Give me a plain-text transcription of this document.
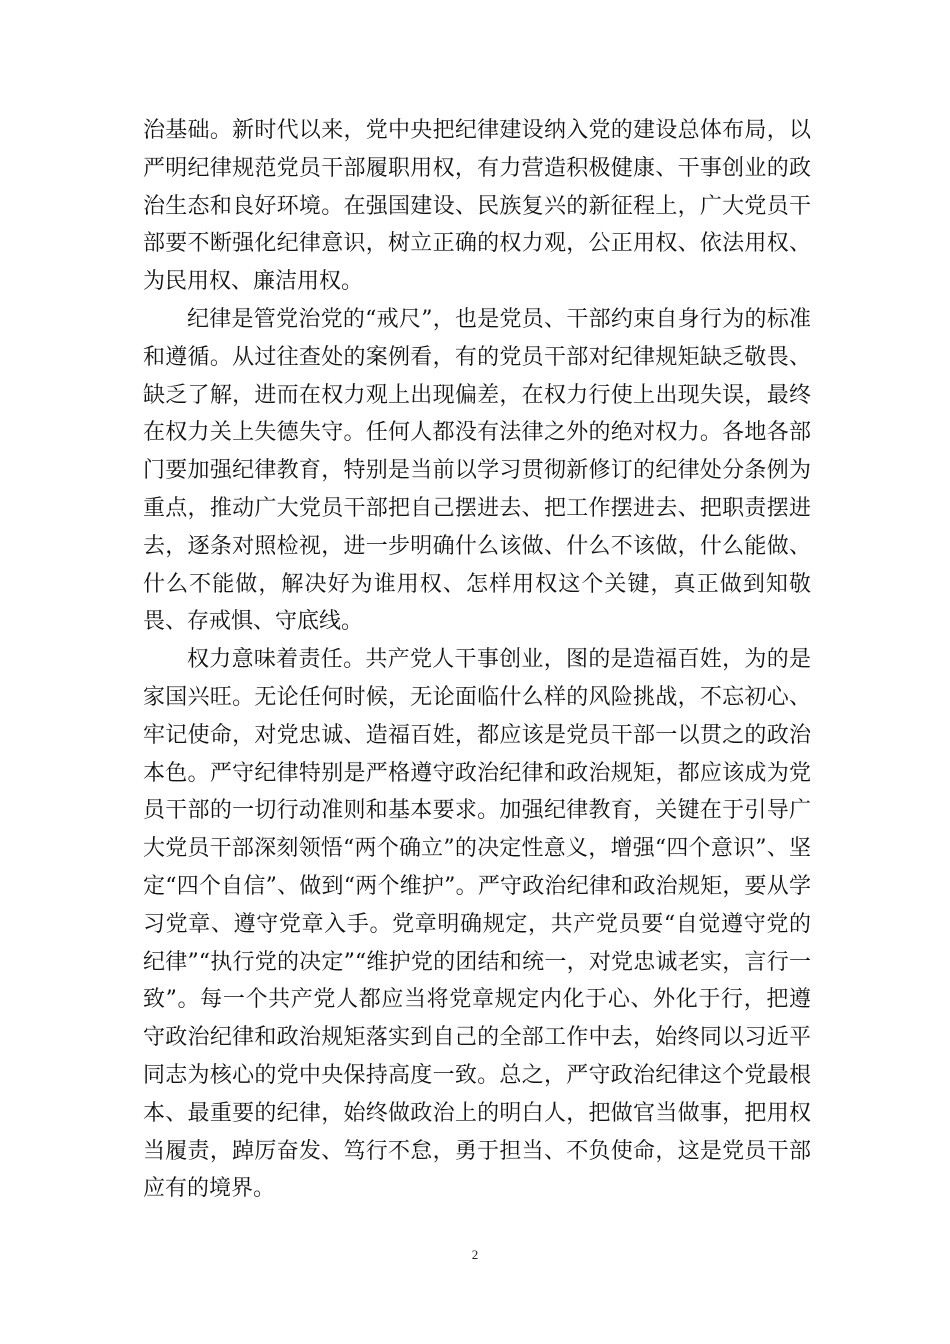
治基础。新时代以来，党中央把纪律建设纳入党的建设总体布局，以严明纪律规范党员干部履职用权，有力营造积极健康、干事创业的政治生态和良好环境。在强国建设、民族复兴的新征程上，广大党员干部要不断强化纪律意识，树立正确的权力观，公正用权、依法用权、为民用权、廉洁用权。

纪律是管党治党的“戒尺”，也是党员、干部约束自身行为的标准和遵循。从过往查处的案例看，有的党员干部对纪律规矩缺乏敬畏、缺乏了解，进而在权力观上出现偏差，在权力行使上出现失误，最终在权力关上失德失守。任何人都没有法律之外的绝对权力。各地各部门要加强纪律教育，特别是当前以学习贯彻新修订的纪律处分条例为重点，推动广大党员干部把自己摆进去、把工作摆进去、把职责摆进去，逐条对照检视，进一步明确什么该做、什么不该做，什么能做、什么不能做，解决好为谁用权、怎样用权这个关键，真正做到知敬畏、存戒惧、守底线。

权力意味着责任。共产党人干事创业，图的是造福百姓，为的是家国兴旺。无论任何时候，无论面临什么样的风险挑战，不忘初心、牢记使命，对党忠诚、造福百姓，都应该是党员干部一以贯之的政治本色。严守纪律特别是严格遵守政治纪律和政治规矩，都应该成为党员干部的一切行动准则和基本要求。加强纪律教育，关键在于引导广大党员干部深刻领悟“两个确立”的决定性意义，增强“四个意识”、坚定“四个自信”、做到“两个维护”。严守政治纪律和政治规矩，要从学习党章、遵守党章入手。党章明确规定，共产党员要“自觉遵守党的纪律”“执行党的决定”“维护党的团结和统一，对党忠诚老实，言行一致”。每一个共产党人都应当将党章规定内化于心、外化于行，把遵守政治纪律和政治规矩落实到自己的全部工作中去，始终同以习近平同志为核心的党中央保持高度一致。总之，严守政治纪律这个党最根本、最重要的纪律，始终做政治上的明白人，把做官当做事，把用权当履责，踔厉奋发、笃行不怠，勇于担当、不负使命，这是党员干部应有的境界。

2
